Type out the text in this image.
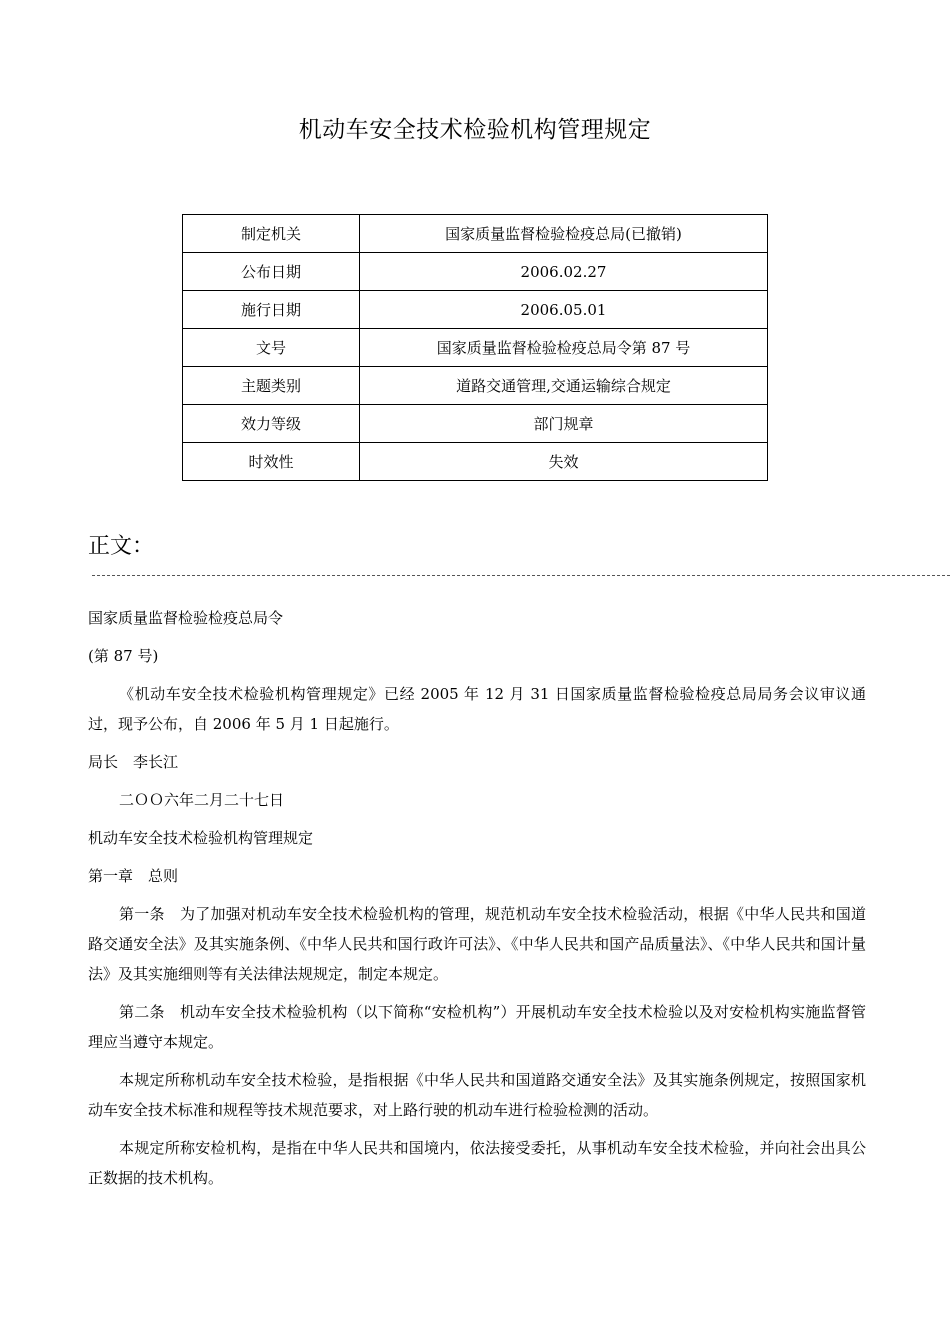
机动车安全技术检验机构管理规定
制定机关	国家质量监督检验检疫总局(已撤销)
公布日期	2006.02.27
施行日期	2006.05.01
文号	国家质量监督检验检疫总局令第 87 号
主题类别	道路交通管理,交通运输综合规定
效力等级	部门规章
时效性	失效
正文：

国家质量监督检验检疫总局令

(第 87 号)

《机动车安全技术检验机构管理规定》已经 2005 年 12 月 31 日国家质量监督检验检疫总局局务会议审议通过，现予公布，自 2006 年 5 月 1 日起施行。

局长　李长江

二ＯＯ六年二月二十七日

机动车安全技术检验机构管理规定

第一章　总则

第一条　为了加强对机动车安全技术检验机构的管理，规范机动车安全技术检验活动，根据《中华人民共和国道路交通安全法》及其实施条例、《中华人民共和国行政许可法》、《中华人民共和国产品质量法》、《中华人民共和国计量法》及其实施细则等有关法律法规规定，制定本规定。

第二条　机动车安全技术检验机构（以下简称“安检机构”）开展机动车安全技术检验以及对安检机构实施监督管理应当遵守本规定。

本规定所称机动车安全技术检验，是指根据《中华人民共和国道路交通安全法》及其实施条例规定，按照国家机动车安全技术标准和规程等技术规范要求，对上路行驶的机动车进行检验检测的活动。

本规定所称安检机构，是指在中华人民共和国境内，依法接受委托，从事机动车安全技术检验，并向社会出具公正数据的技术机构。
